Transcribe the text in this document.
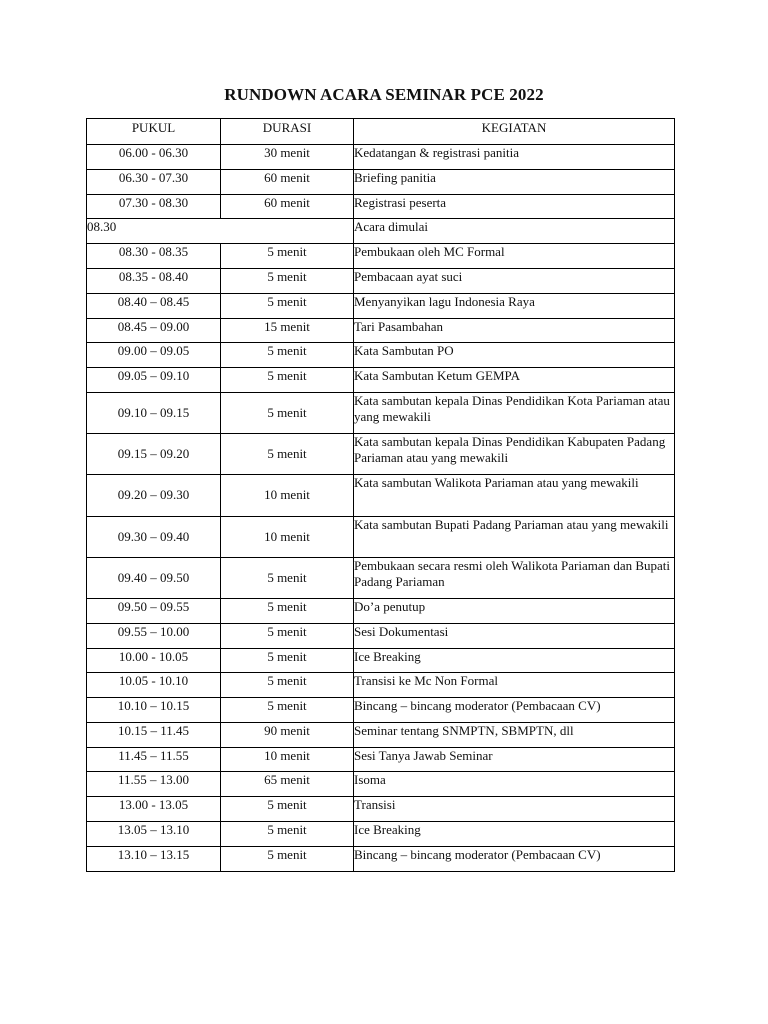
RUNDOWN ACARA SEMINAR PCE 2022
PUKUL	DURASI	KEGIATAN
06.00 - 06.30	30 menit	Kedatangan & registrasi panitia
06.30 - 07.30	60 menit	Briefing panitia
07.30 - 08.30	60 menit	Registrasi peserta
08.30		Acara dimulai
08.30 - 08.35	5 menit	Pembukaan oleh MC Formal
08.35 - 08.40	5 menit	Pembacaan ayat suci
08.40 – 08.45	5 menit	Menyanyikan lagu Indonesia Raya
08.45 – 09.00	15 menit	Tari Pasambahan
09.00 – 09.05	5 menit	Kata Sambutan PO
09.05 – 09.10	5 menit	Kata Sambutan Ketum GEMPA
09.10 – 09.15	5 menit	Kata sambutan kepala Dinas Pendidikan Kota Pariaman atau yang mewakili
09.15 – 09.20	5 menit	Kata sambutan kepala Dinas Pendidikan Kabupaten Padang Pariaman atau yang mewakili
09.20 – 09.30	10 menit	Kata sambutan Walikota Pariaman atau yang mewakili
09.30 – 09.40	10 menit	Kata sambutan Bupati Padang Pariaman atau yang mewakili
09.40 – 09.50	5 menit	Pembukaan secara resmi oleh Walikota Pariaman dan Bupati Padang Pariaman
09.50 – 09.55	5 menit	Do’a penutup
09.55 – 10.00	5 menit	Sesi Dokumentasi
10.00 - 10.05	5 menit	Ice Breaking
10.05 - 10.10	5 menit	Transisi ke Mc Non Formal
10.10 – 10.15	5 menit	Bincang – bincang moderator (Pembacaan CV)
10.15 – 11.45	90 menit	Seminar tentang SNMPTN, SBMPTN, dll
11.45 – 11.55	10 menit	Sesi Tanya Jawab Seminar
11.55 – 13.00	65 menit	Isoma
13.00 - 13.05	5 menit	Transisi
13.05 – 13.10	5 menit	Ice Breaking
13.10 – 13.15	5 menit	Bincang – bincang moderator (Pembacaan CV)
